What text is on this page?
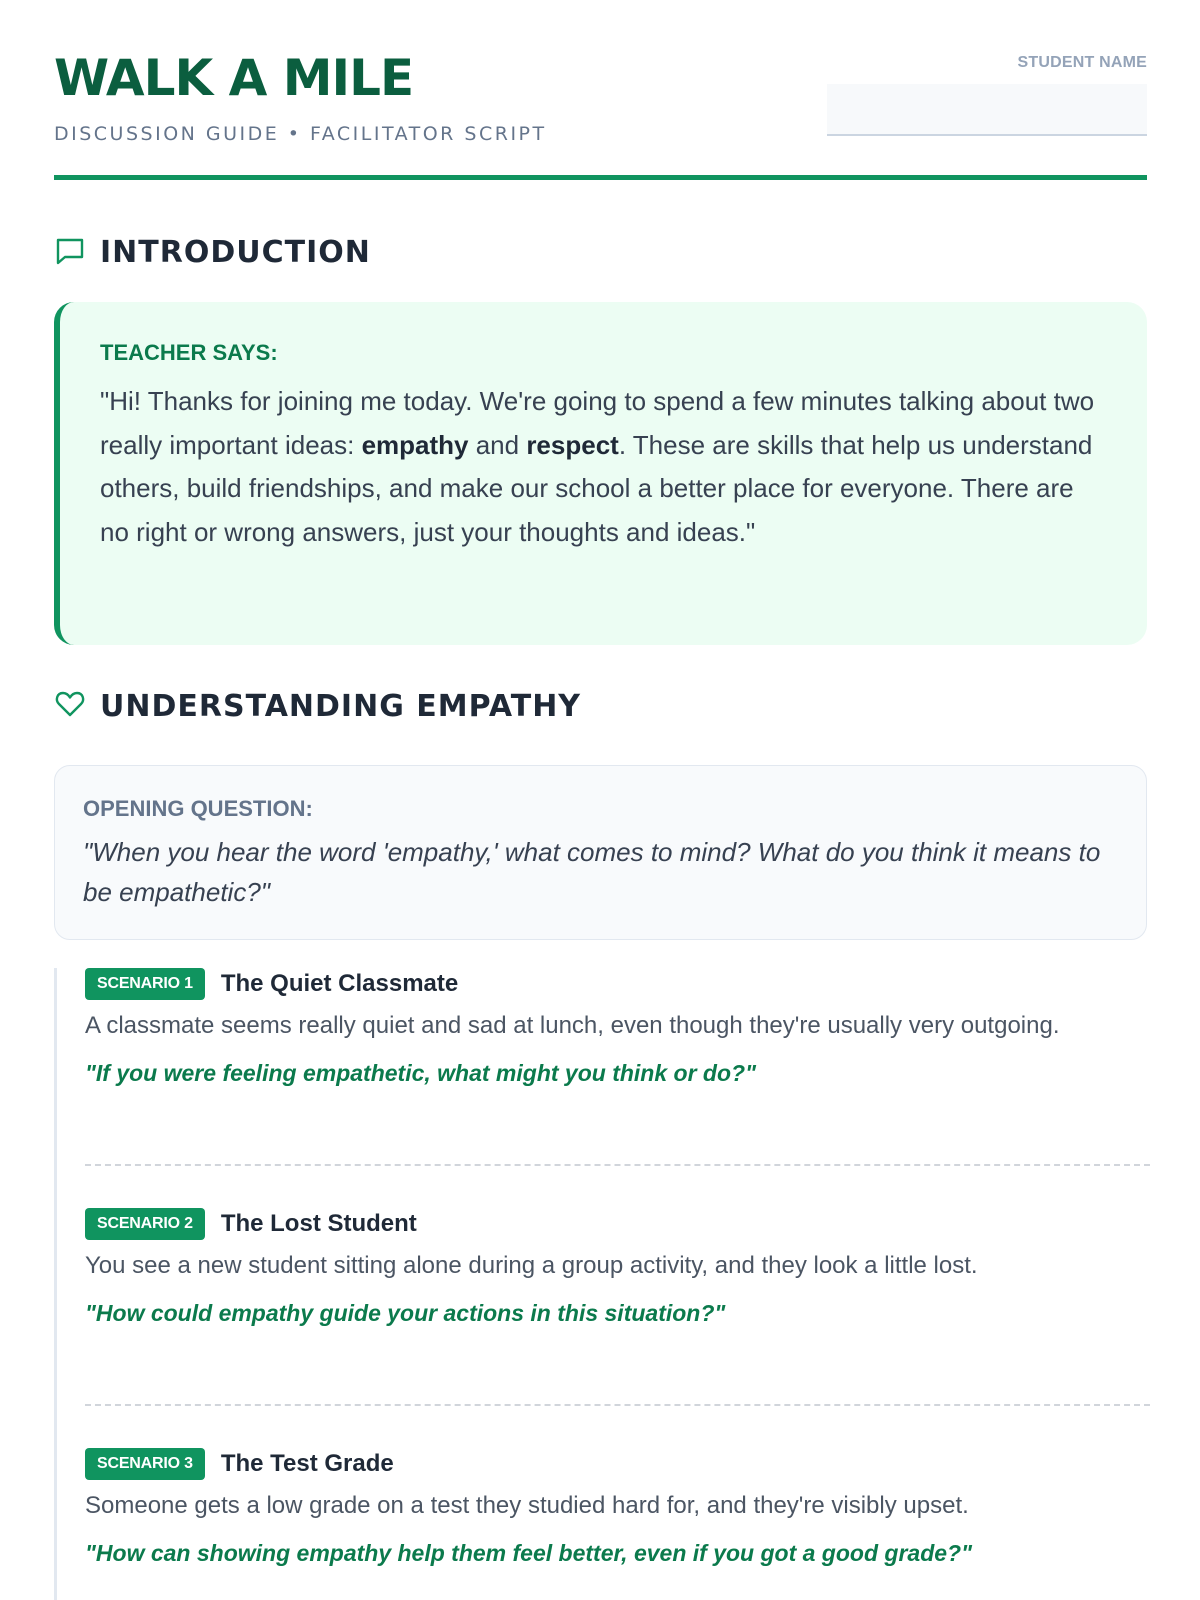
WALK A MILE
DISCUSSION GUIDE • FACILITATOR SCRIPT
STUDENT NAME
INTRODUCTION
TEACHER SAYS:
"Hi! Thanks for joining me today. We're going to spend a few minutes talking about two really important ideas: empathy and respect. These are skills that help us understand others, build friendships, and make our school a better place for everyone. There are no right or wrong answers, just your thoughts and ideas."
UNDERSTANDING EMPATHY
OPENING QUESTION:
"When you hear the word 'empathy,' what comes to mind? What do you think it means to be empathetic?"
SCENARIO 1	The Quiet Classmate
A classmate seems really quiet and sad at lunch, even though they're usually very outgoing.
"If you were feeling empathetic, what might you think or do?"
SCENARIO 2	The Lost Student
You see a new student sitting alone during a group activity, and they look a little lost.
"How could empathy guide your actions in this situation?"
SCENARIO 3	The Test Grade
Someone gets a low grade on a test they studied hard for, and they're visibly upset.
"How can showing empathy help them feel better, even if you got a good grade?"
